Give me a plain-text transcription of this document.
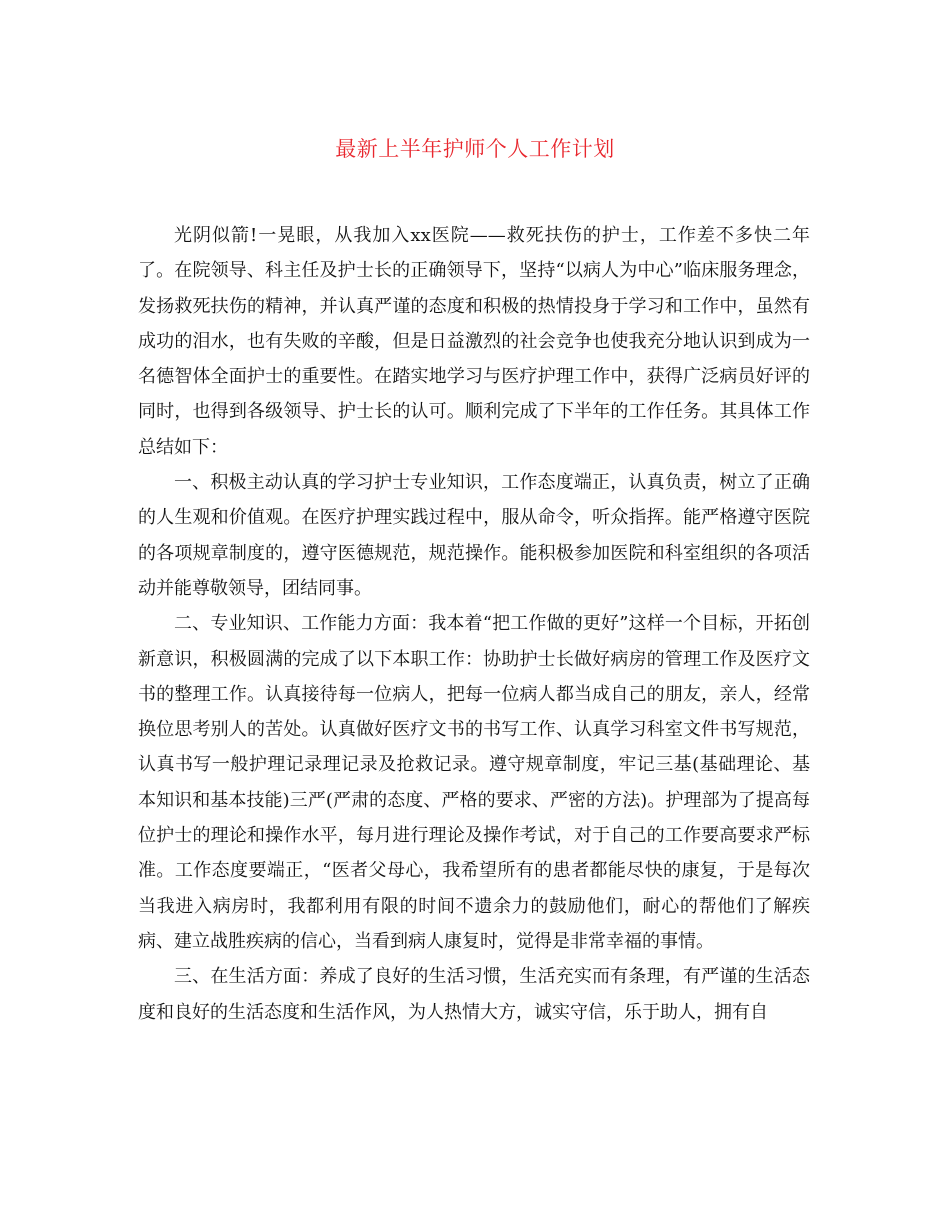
最新上半年护师个人工作计划

光阴似箭!一晃眼，从我加入xx医院——救死扶伤的护士，工作差不多快二年了。在院领导、科主任及护士长的正确领导下，坚持“以病人为中心”临床服务理念，发扬救死扶伤的精神，并认真严谨的态度和积极的热情投身于学习和工作中，虽然有成功的泪水，也有失败的辛酸，但是日益激烈的社会竞争也使我充分地认识到成为一名德智体全面护士的重要性。在踏实地学习与医疗护理工作中，获得广泛病员好评的同时，也得到各级领导、护士长的认可。顺利完成了下半年的工作任务。其具体工作总结如下：

一、积极主动认真的学习护士专业知识，工作态度端正，认真负责，树立了正确的人生观和价值观。在医疗护理实践过程中，服从命令，听众指挥。能严格遵守医院的各项规章制度的，遵守医德规范，规范操作。能积极参加医院和科室组织的各项活动并能尊敬领导，团结同事。

二、专业知识、工作能力方面：我本着“把工作做的更好”这样一个目标，开拓创新意识，积极圆满的完成了以下本职工作：协助护士长做好病房的管理工作及医疗文书的整理工作。认真接待每一位病人，把每一位病人都当成自己的朋友，亲人，经常换位思考别人的苦处。认真做好医疗文书的书写工作、认真学习科室文件书写规范，认真书写一般护理记录理记录及抢救记录。遵守规章制度，牢记三基(基础理论、基本知识和基本技能)三严(严肃的态度、严格的要求、严密的方法)。护理部为了提高每位护士的理论和操作水平，每月进行理论及操作考试，对于自己的工作要高要求严标准。工作态度要端正，“医者父母心，我希望所有的患者都能尽快的康复，于是每次当我进入病房时，我都利用有限的时间不遗余力的鼓励他们，耐心的帮他们了解疾病、建立战胜疾病的信心，当看到病人康复时，觉得是非常幸福的事情。

三、在生活方面：养成了良好的生活习惯，生活充实而有条理，有严谨的生活态度和良好的生活态度和生活作风，为人热情大方，诚实守信，乐于助人，拥有自
